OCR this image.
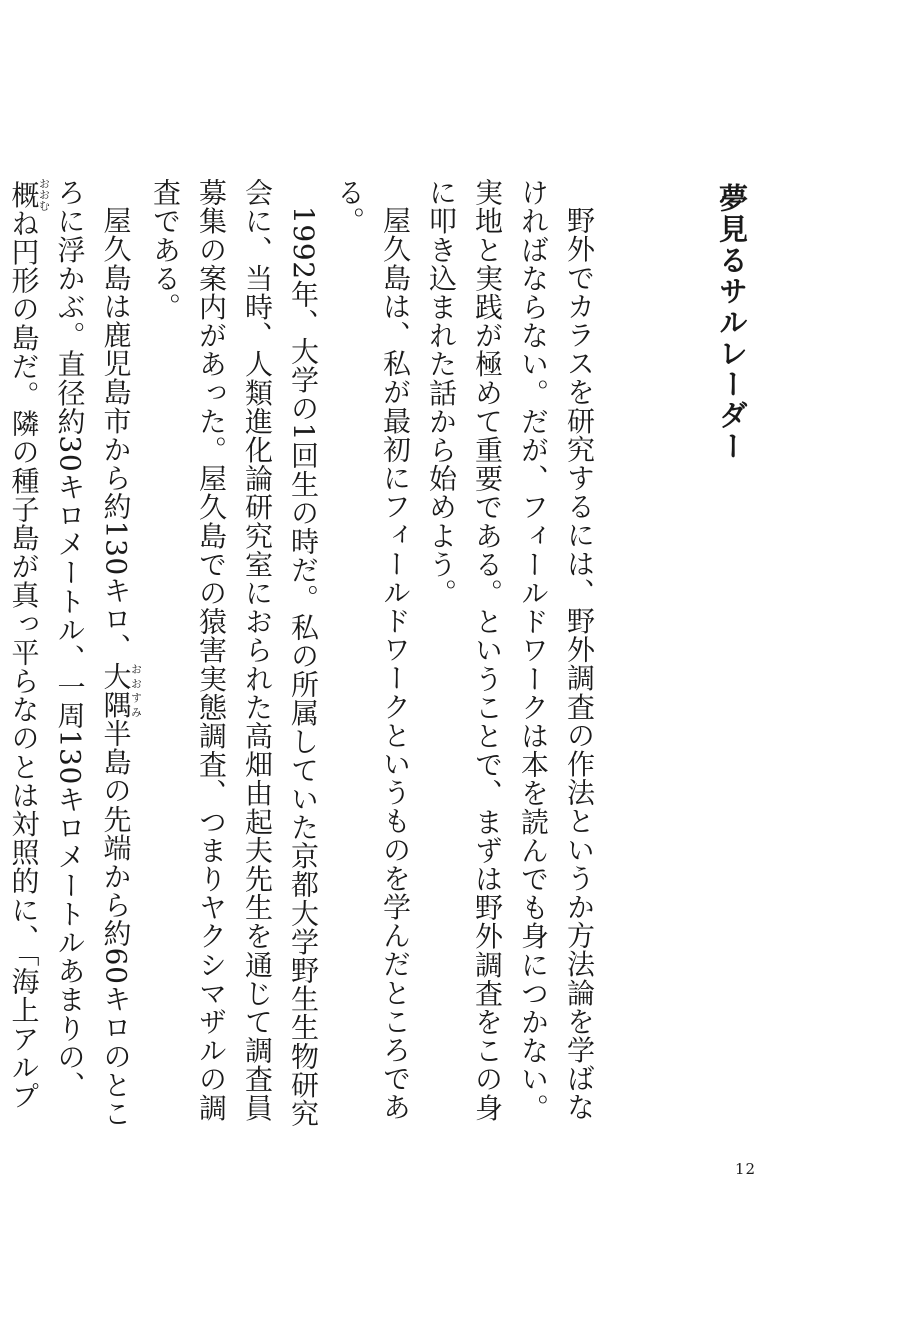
夢見るサルレーダー

野外でカラスを研究するには、野外調査の作法というか方法論を学ばなければならない。だが、フィールドワークは本を読んでも身につかない。実地と実践が極めて重要である。ということで、まずは野外調査をこの身に叩き込まれた話から始めよう。

屋久島は、私が最初にフィールドワークというものを学んだところである。

1992年、大学の1回生の時だ。私の所属していた京都大学野生生物研究会に、当時、人類進化論研究室におられた高畑由起夫先生を通じて調査員募集の案内があった。屋久島での猿害実態調査、つまりヤクシマザルの調査である。

屋久島は鹿児島市から約130キロ、大隅おおすみ半島の先端から約60キロのところに浮かぶ。直径約30キロメートル、一周130キロメートルあまりの、概おおむね円形の島だ。隣の種子島が真っ平らなのとは対照的に、「海上アルプ

12
